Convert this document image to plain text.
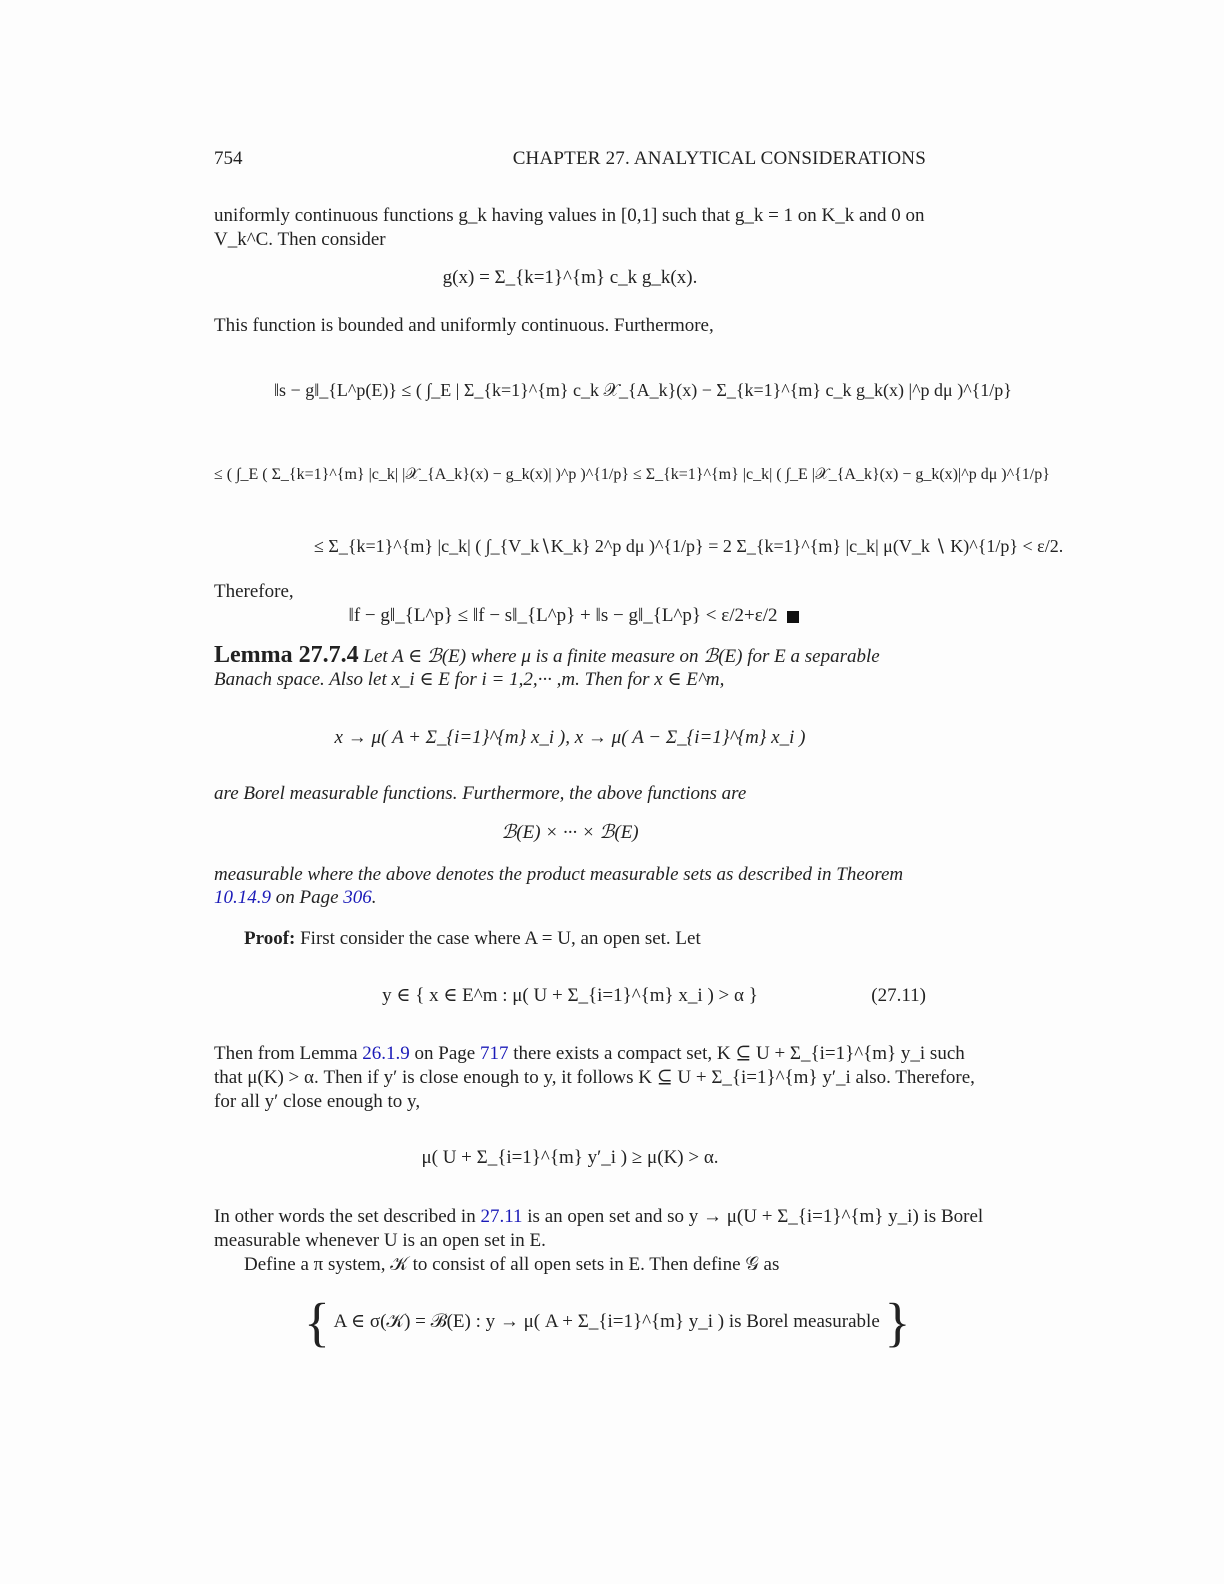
754	CHAPTER 27. ANALYTICAL CONSIDERATIONS
uniformly continuous functions g_k having values in [0,1] such that g_k = 1 on K_k and 0 on
V_k^C. Then consider
g(x) = Σ_{k=1}^{m} c_k g_k(x).
This function is bounded and uniformly continuous. Furthermore,
‖s − g‖_{L^p(E)} ≤ ( ∫_E | Σ_{k=1}^{m} c_k 𝒳_{A_k}(x) − Σ_{k=1}^{m} c_k g_k(x) |^p dμ )^{1/p}
≤ ( ∫_E ( Σ_{k=1}^{m} |c_k| |𝒳_{A_k}(x) − g_k(x)| )^p )^{1/p} ≤ Σ_{k=1}^{m} |c_k| ( ∫_E |𝒳_{A_k}(x) − g_k(x)|^p dμ )^{1/p}
≤ Σ_{k=1}^{m} |c_k| ( ∫_{V_k∖K_k} 2^p dμ )^{1/p} = 2 Σ_{k=1}^{m} |c_k| μ(V_k ∖ K)^{1/p} < ε/2.
Therefore,
‖f − g‖_{L^p} ≤ ‖f − s‖_{L^p} + ‖s − g‖_{L^p} < ε/2+ε/2
Lemma 27.7.4 Let A ∈ ℬ(E) where μ is a finite measure on ℬ(E) for E a separable
Banach space. Also let x_i ∈ E for i = 1,2,··· ,m. Then for x ∈ E^m,
x → μ( A + Σ_{i=1}^{m} x_i ), x → μ( A − Σ_{i=1}^{m} x_i )
are Borel measurable functions. Furthermore, the above functions are
ℬ(E) × ··· × ℬ(E)
measurable where the above denotes the product measurable sets as described in Theorem
10.14.9 on Page 306.
Proof: First consider the case where A = U, an open set. Let
y ∈ { x ∈ E^m : μ( U + Σ_{i=1}^{m} x_i ) > α }	(27.11)
Then from Lemma 26.1.9 on Page 717 there exists a compact set, K ⊆ U + Σ_{i=1}^{m} y_i such
that μ(K) > α. Then if y′ is close enough to y, it follows K ⊆ U + Σ_{i=1}^{m} y′_i also. Therefore,
for all y′ close enough to y,
μ( U + Σ_{i=1}^{m} y′_i ) ≥ μ(K) > α.
In other words the set described in 27.11 is an open set and so y → μ(U + Σ_{i=1}^{m} y_i) is Borel
measurable whenever U is an open set in E.
Define a π system, 𝒦 to consist of all open sets in E. Then define 𝒢 as
{ A ∈ σ(𝒦) = ℬ(E) : y → μ( A + Σ_{i=1}^{m} y_i ) is Borel measurable }
